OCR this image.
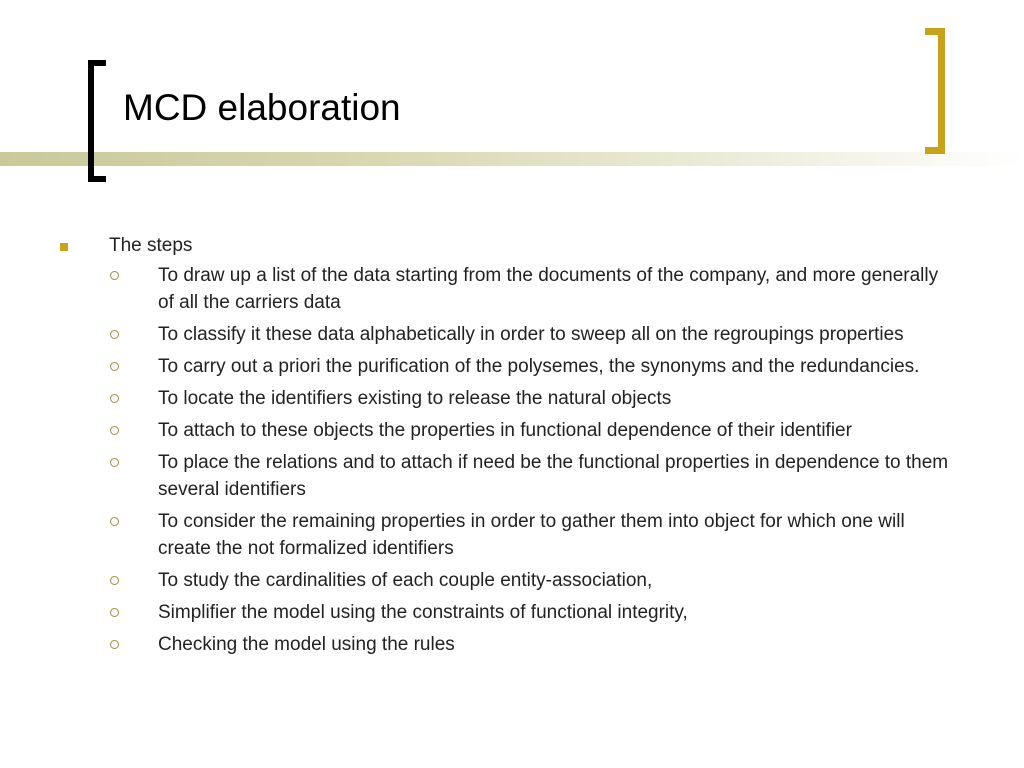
MCD elaboration
The steps
To draw up a list of the data starting from the documents of the company, and more generally of all the carriers data
To classify it these data alphabetically in order to sweep all on the regroupings properties
To carry out a priori the purification of the polysemes, the synonyms and the redundancies.
To locate the identifiers existing to release the natural objects
To attach to these objects the properties in functional dependence of their identifier
To place the relations and to attach if need be the functional properties in dependence to them several identifiers
To consider the remaining properties in order to gather them into object for which one will create the not formalized identifiers
To study the cardinalities of each couple entity-association,
Simplifier the model using the constraints of functional integrity,
Checking the model using the rules
